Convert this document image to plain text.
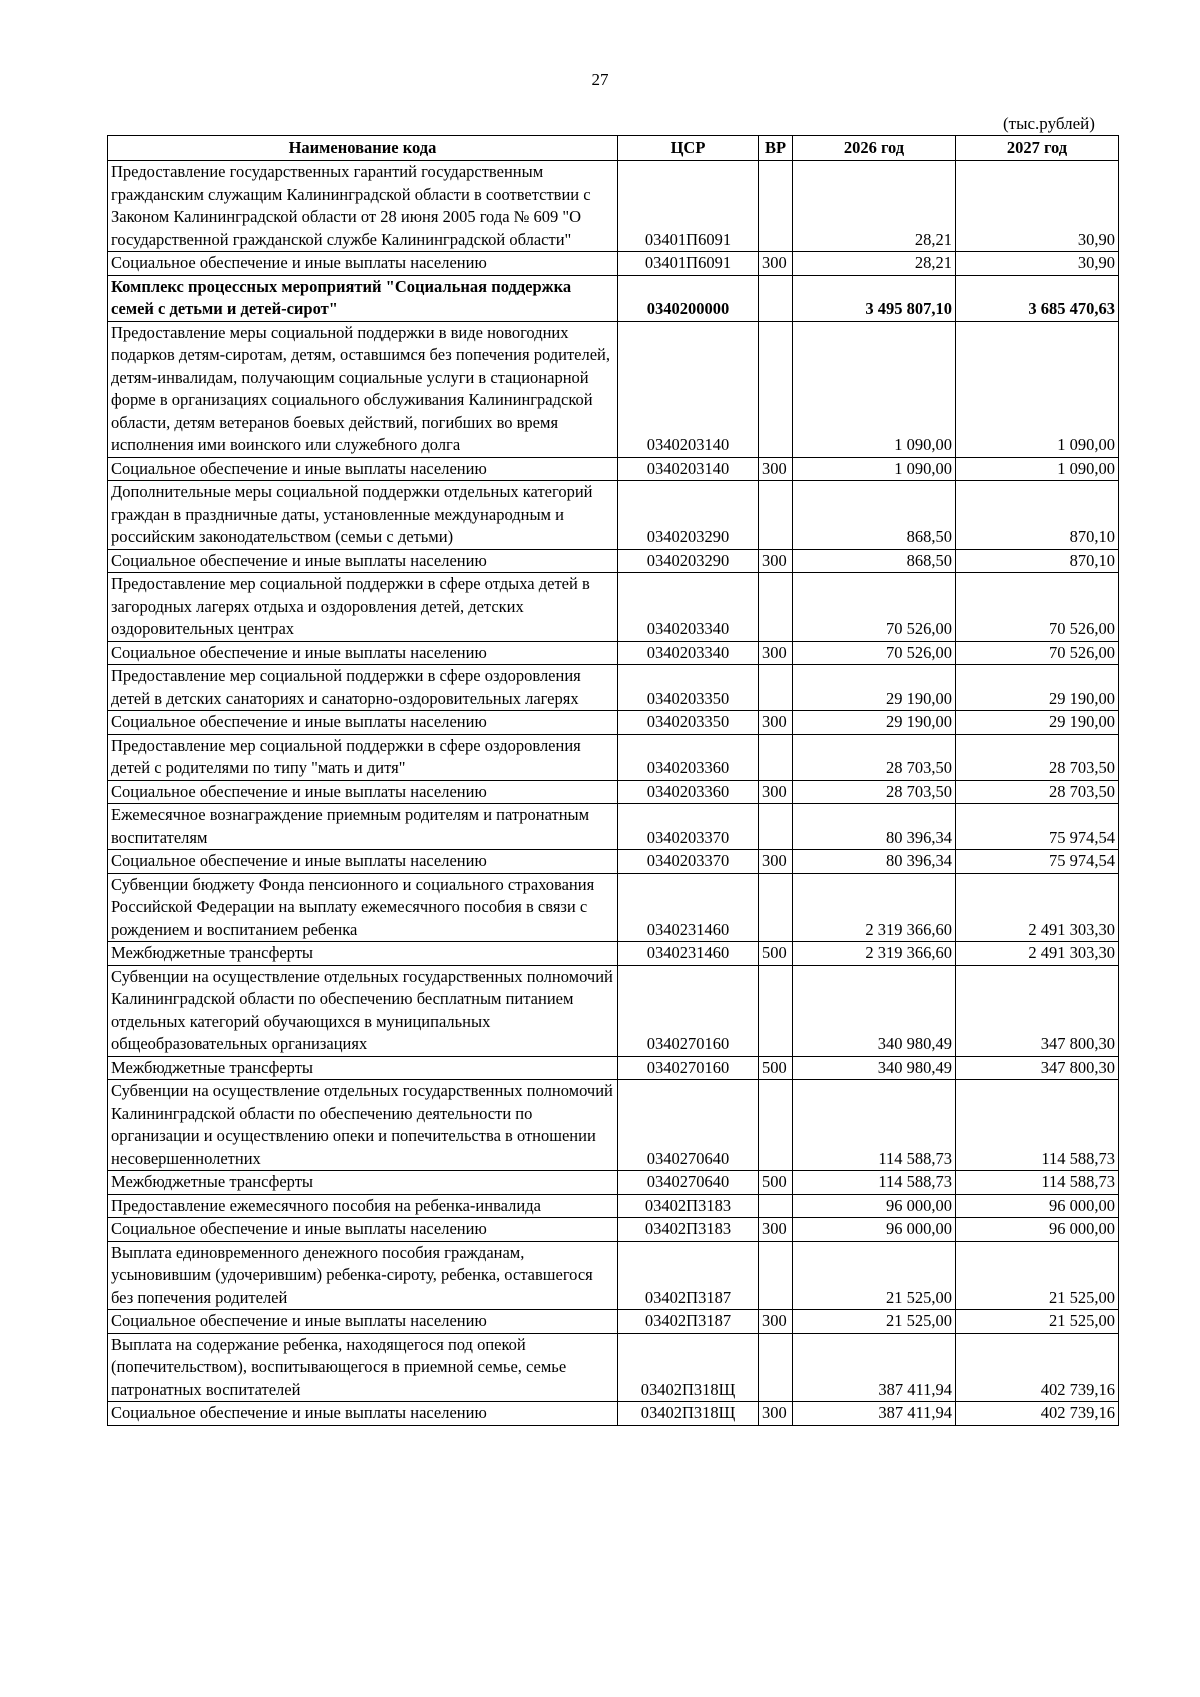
27
(тыс.рублей)
Наименование кода	ЦСР	ВР	2026 год	2027 год
Предоставление государственных гарантий государственным гражданским служащим Калининградской области в соответствии с Законом Калининградской области от 28 июня 2005 года № 609 "О государственной гражданской службе Калининградской области"	03401П6091		28,21	30,90
Социальное обеспечение и иные выплаты населению	03401П6091	300	28,21	30,90
Комплекс процессных мероприятий "Социальная поддержка семей с детьми и детей-сирот"	0340200000		3 495 807,10	3 685 470,63
Предоставление меры социальной поддержки в виде новогодних подарков детям-сиротам, детям, оставшимся без попечения родителей, детям-инвалидам, получающим социальные услуги в стационарной форме в организациях социального обслуживания Калининградской области, детям ветеранов боевых действий, погибших во время исполнения ими воинского или служебного долга	0340203140		1 090,00	1 090,00
Социальное обеспечение и иные выплаты населению	0340203140	300	1 090,00	1 090,00
Дополнительные меры социальной поддержки отдельных категорий граждан в праздничные даты, установленные международным и российским законодательством (семьи с детьми)	0340203290		868,50	870,10
Социальное обеспечение и иные выплаты населению	0340203290	300	868,50	870,10
Предоставление мер социальной поддержки в сфере отдыха детей в загородных лагерях отдыха и оздоровления детей, детских оздоровительных центрах	0340203340		70 526,00	70 526,00
Социальное обеспечение и иные выплаты населению	0340203340	300	70 526,00	70 526,00
Предоставление мер социальной поддержки в сфере оздоровления детей в детских санаториях и санаторно-оздоровительных лагерях	0340203350		29 190,00	29 190,00
Социальное обеспечение и иные выплаты населению	0340203350	300	29 190,00	29 190,00
Предоставление мер социальной поддержки в сфере оздоровления детей с родителями по типу "мать и дитя"	0340203360		28 703,50	28 703,50
Социальное обеспечение и иные выплаты населению	0340203360	300	28 703,50	28 703,50
Ежемесячное вознаграждение приемным родителям и патронатным воспитателям	0340203370		80 396,34	75 974,54
Социальное обеспечение и иные выплаты населению	0340203370	300	80 396,34	75 974,54
Субвенции бюджету Фонда пенсионного и социального страхования Российской Федерации на выплату ежемесячного пособия в связи с рождением и воспитанием ребенка	0340231460		2 319 366,60	2 491 303,30
Межбюджетные трансферты	0340231460	500	2 319 366,60	2 491 303,30
Субвенции на осуществление отдельных государственных полномочий Калининградской области по обеспечению бесплатным питанием отдельных категорий обучающихся в муниципальных общеобразовательных организациях	0340270160		340 980,49	347 800,30
Межбюджетные трансферты	0340270160	500	340 980,49	347 800,30
Субвенции на осуществление отдельных государственных полномочий Калининградской области по обеспечению деятельности по организации и осуществлению опеки и попечительства в отношении несовершеннолетних	0340270640		114 588,73	114 588,73
Межбюджетные трансферты	0340270640	500	114 588,73	114 588,73
Предоставление ежемесячного пособия на ребенка-инвалида	03402П3183		96 000,00	96 000,00
Социальное обеспечение и иные выплаты населению	03402П3183	300	96 000,00	96 000,00
Выплата единовременного денежного пособия гражданам, усыновившим (удочерившим) ребенка-сироту, ребенка, оставшегося без попечения родителей	03402П3187		21 525,00	21 525,00
Социальное обеспечение и иные выплаты населению	03402П3187	300	21 525,00	21 525,00
Выплата на содержание ребенка, находящегося под опекой (попечительством), воспитывающегося в приемной семье, семье патронатных воспитателей	03402П318Щ		387 411,94	402 739,16
Социальное обеспечение и иные выплаты населению	03402П318Щ	300	387 411,94	402 739,16
